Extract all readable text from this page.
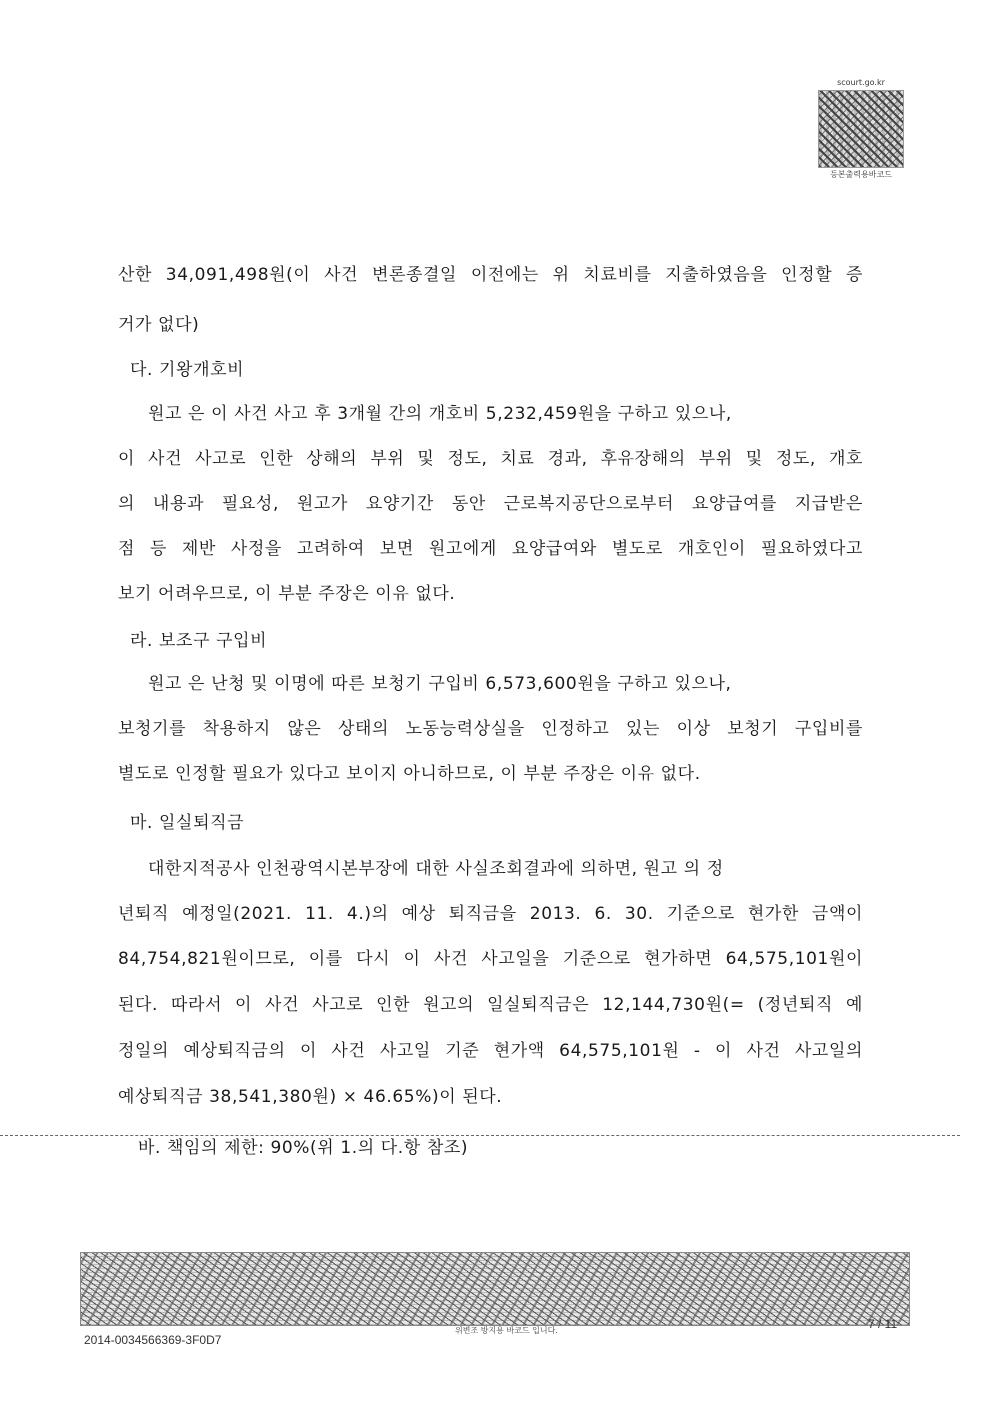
scourt.go.kr
등본출력용바코드
산한 34,091,498원(이 사건 변론종결일 이전에는 위 치료비를 지출하였음을 인정할 증
거가 없다)
다. 기왕개호비
원고 은 이 사건 사고 후 3개월 간의 개호비 5,232,459원을 구하고 있으나,
이 사건 사고로 인한 상해의 부위 및 정도, 치료 경과, 후유장해의 부위 및 정도, 개호
의 내용과 필요성, 원고가 요양기간 동안 근로복지공단으로부터 요양급여를 지급받은
점 등 제반 사정을 고려하여 보면 원고에게 요양급여와 별도로 개호인이 필요하였다고
보기 어려우므로, 이 부분 주장은 이유 없다.
라. 보조구 구입비
원고 은 난청 및 이명에 따른 보청기 구입비 6,573,600원을 구하고 있으나,
보청기를 착용하지 않은 상태의 노동능력상실을 인정하고 있는 이상 보청기 구입비를
별도로 인정할 필요가 있다고 보이지 아니하므로, 이 부분 주장은 이유 없다.
마. 일실퇴직금
대한지적공사 인천광역시본부장에 대한 사실조회결과에 의하면, 원고 의 정
년퇴직 예정일(2021. 11. 4.)의 예상 퇴직금을 2013. 6. 30. 기준으로 현가한 금액이
84,754,821원이므로, 이를 다시 이 사건 사고일을 기준으로 현가하면 64,575,101원이
된다. 따라서 이 사건 사고로 인한 원고의 일실퇴직금은 12,144,730원(= (정년퇴직 예
정일의 예상퇴직금의 이 사건 사고일 기준 현가액 64,575,101원 - 이 사건 사고일의
예상퇴직금 38,541,380원) × 46.65%)이 된다.
바. 책임의 제한: 90%(위 1.의 다.항 참조)
위변조 방지용 바코드 입니다.
2014-0034566369-3F0D7
7 / 11
